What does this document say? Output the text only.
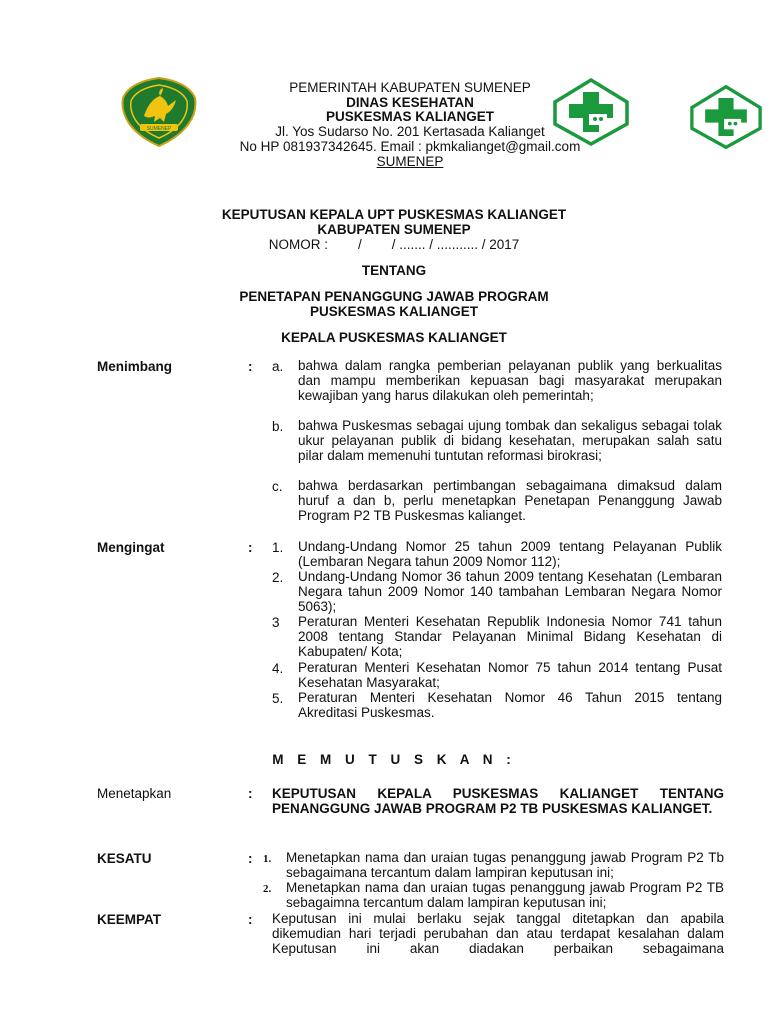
SUMENEP
PEMERINTAH KABUPATEN SUMENEP
DINAS KESEHATAN
PUSKESMAS KALIANGET
Jl. Yos Sudarso No. 201 Kertasada Kalianget
No HP 081937342645. Email : pkmkalianget@gmail.com
SUMENEP
KEPUTUSAN KEPALA UPT PUSKESMAS KALIANGET
KABUPATEN SUMENEP
NOMOR :        /        / ....... / ........... / 2017
TENTANG
PENETAPAN PENANGGUNG JAWAB PROGRAM
PUSKESMAS KALIANGET
KEPALA PUSKESMAS KALIANGET
Menimbang	: a. bahwa dalam rangka pemberian pelayanan publik yang berkualitas dan mampu memberikan kepuasan bagi masyarakat merupakan kewajiban yang harus dilakukan oleh pemerintah;
b. bahwa Puskesmas sebagai ujung tombak dan sekaligus sebagai tolak ukur pelayanan publik di bidang kesehatan, merupakan salah satu pilar dalam memenuhi tuntutan reformasi birokrasi;
c. bahwa berdasarkan pertimbangan sebagaimana dimaksud dalam huruf a dan b, perlu menetapkan Penetapan Penanggung Jawab Program P2 TB Puskesmas kalianget.
Mengingat	: 1. Undang-Undang Nomor 25 tahun 2009 tentang Pelayanan Publik (Lembaran Negara tahun 2009 Nomor 112);
2. Undang-Undang Nomor 36 tahun 2009 tentang Kesehatan (Lembaran Negara tahun 2009 Nomor 140 tambahan Lembaran Negara Nomor 5063);
3 Peraturan Menteri Kesehatan Republik Indonesia Nomor 741 tahun 2008 tentang Standar Pelayanan Minimal Bidang Kesehatan di Kabupaten/ Kota;
4. Peraturan Menteri Kesehatan Nomor 75 tahun 2014 tentang Pusat Kesehatan Masyarakat;
5. Peraturan Menteri Kesehatan Nomor 46 Tahun 2015 tentang Akreditasi Puskesmas.
M E M U T U S K A N :
Menetapkan	: KEPUTUSAN KEPALA PUSKESMAS KALIANGET TENTANG PENANGGUNG JAWAB PROGRAM P2 TB PUSKESMAS KALIANGET.
KESATU	: 1. Menetapkan nama dan uraian tugas penanggung jawab Program P2 Tb sebagaimana tercantum dalam lampiran keputusan ini;
2. Menetapkan nama dan uraian tugas penanggung jawab Program P2 TB sebagaimna tercantum dalam lampiran keputusan ini;
KEEMPAT	: Keputusan ini mulai berlaku sejak tanggal ditetapkan dan apabila dikemudian hari terjadi perubahan dan atau terdapat kesalahan dalam Keputusan ini akan diadakan perbaikan sebagaimana
